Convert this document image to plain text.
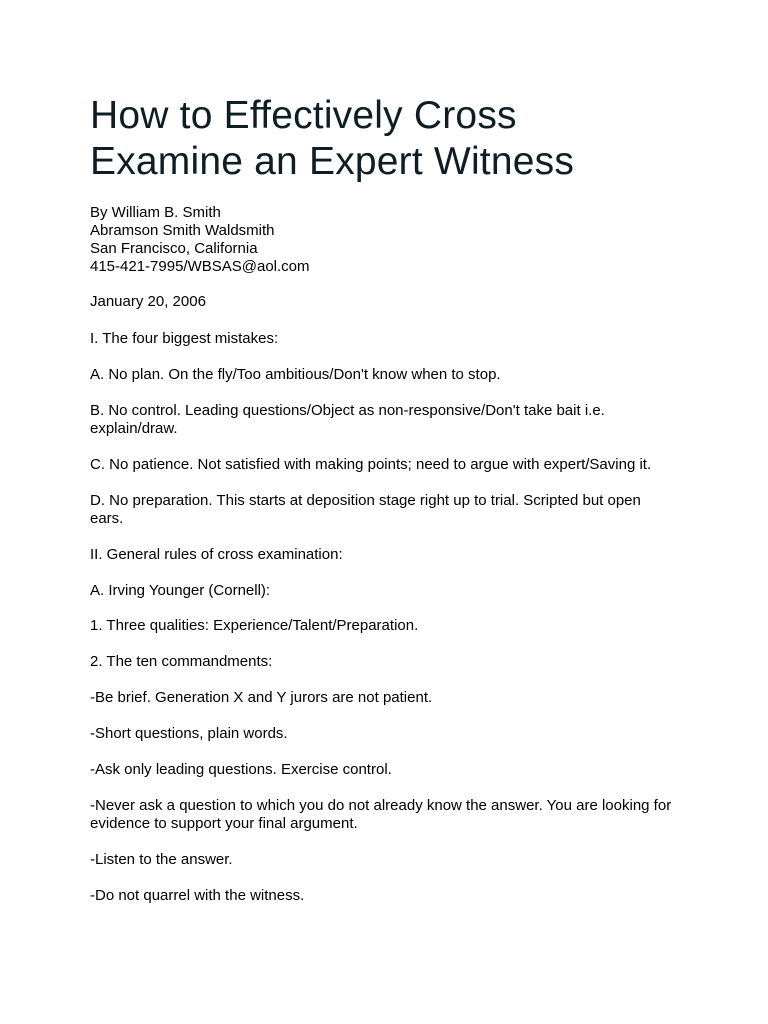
How to Effectively Cross
Examine an Expert Witness
By William B. Smith
Abramson Smith Waldsmith
San Francisco, California
415-421-7995/WBSAS@aol.com

January 20, 2006

I. The four biggest mistakes:

A. No plan. On the fly/Too ambitious/Don't know when to stop.

B. No control. Leading questions/Object as non-responsive/Don't take bait i.e.

explain/draw.

C. No patience. Not satisfied with making points; need to argue with expert/Saving it.

D. No preparation. This starts at deposition stage right up to trial. Scripted but open

ears.

II. General rules of cross examination:

A. Irving Younger (Cornell):

1. Three qualities: Experience/Talent/Preparation.

2. The ten commandments:

-Be brief. Generation X and Y jurors are not patient.

-Short questions, plain words.

-Ask only leading questions. Exercise control.

-Never ask a question to which you do not already know the answer. You are looking for

evidence to support your final argument.

-Listen to the answer.

-Do not quarrel with the witness.
